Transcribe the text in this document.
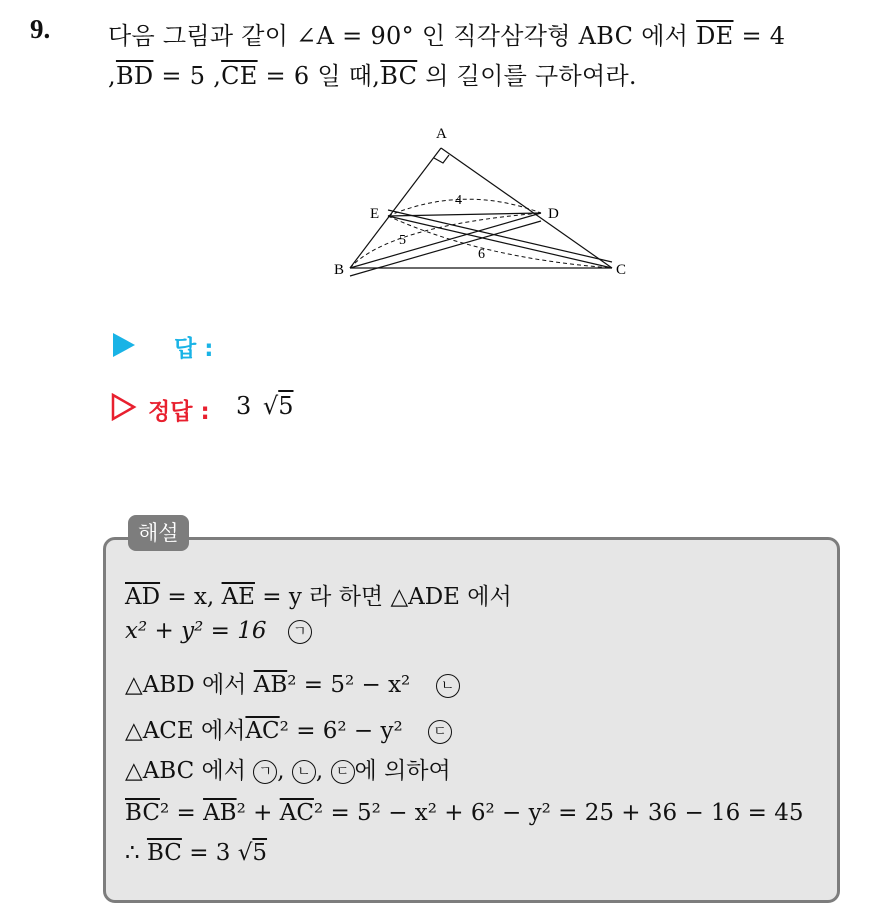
9. 다음 그림과 같이 ∠A = 90° 인 직각삼각형 ABC 에서 $\overline{DE} = 4$
$,\overline{BD} = 5$ $,\overline{CE} = 6$ 일 때$,\overline{BC}$ 의 길이를 구하여라.
A
B	C
D
E
4
5
6
답 :
정답 : 3 √5
해설
$\overline{AD} = x$, $\overline{AE} = y$ 라 하면 △ADE 에서
x² + y² = 16 ㄱ
△ABD 에서 $\overline{AB}^2 = 5^2 - x^2$ ㄴ
△ACE 에서$\overline{AC}^2 = 6^2 - y^2$ ㄷ
△ABC 에서 ㄱ , ㄴ , ㄷ 에 의하여
$\overline{BC}^2 = \overline{AB}^2 + \overline{AC}^2 = 5^2 - x^2 + 6^2 - y^2 = 25 + 36 - 16 = 45$
∴ $\overline{BC} = 3$ √5
